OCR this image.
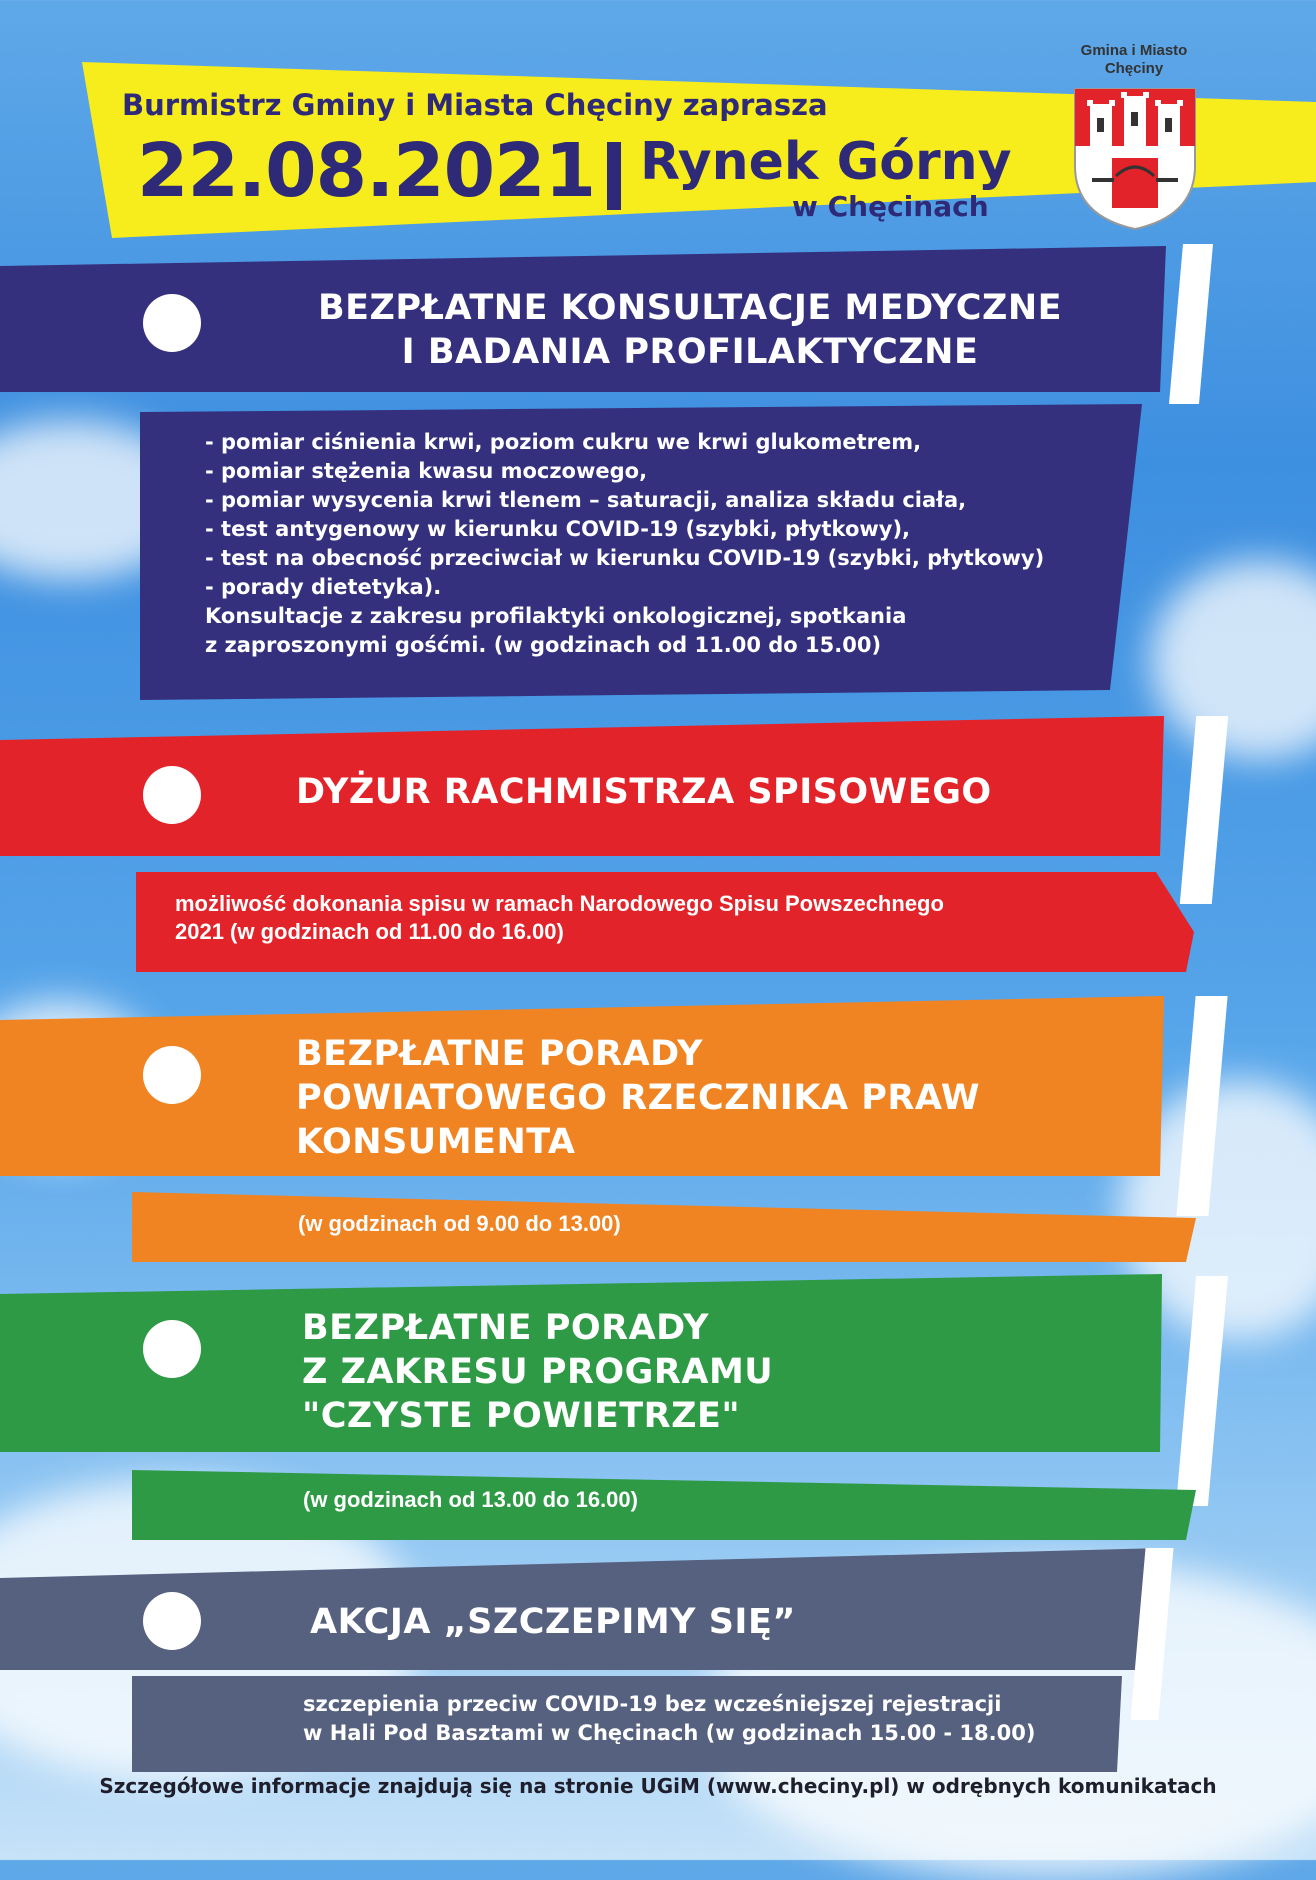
Burmistrz Gminy i Miasta Chęciny zaprasza
22.08.2021 Rynek Górny
w Chęcinach
Gmina i Miasto
Chęciny
BEZPŁATNE KONSULTACJE MEDYCZNE
I BADANIA PROFILAKTYCZNE
- pomiar ciśnienia krwi, poziom cukru we krwi glukometrem,
- pomiar stężenia kwasu moczowego,
- pomiar wysycenia krwi tlenem – saturacji, analiza składu ciała,
- test antygenowy w kierunku COVID-19 (szybki, płytkowy),
- test na obecność przeciwciał w kierunku COVID-19 (szybki, płytkowy)
- porady dietetyka).
Konsultacje z zakresu profilaktyki onkologicznej, spotkania
z zaproszonymi gośćmi. (w godzinach od 11.00 do 15.00)
DYŻUR RACHMISTRZA SPISOWEGO
możliwość dokonania spisu w ramach Narodowego Spisu Powszechnego
2021 (w godzinach od 11.00 do 16.00)
BEZPŁATNE PORADY
POWIATOWEGO RZECZNIKA PRAW
KONSUMENTA
(w godzinach od 9.00 do 13.00)
BEZPŁATNE PORADY
Z ZAKRESU PROGRAMU
"CZYSTE POWIETRZE"
(w godzinach od 13.00 do 16.00)
AKCJA „SZCZEPIMY SIĘ”
szczepienia przeciw COVID-19 bez wcześniejszej rejestracji
w Hali Pod Basztami w Chęcinach (w godzinach 15.00 - 18.00)
Szczegółowe informacje znajdują się na stronie UGiM (www.checiny.pl) w odrębnych komunikatach
